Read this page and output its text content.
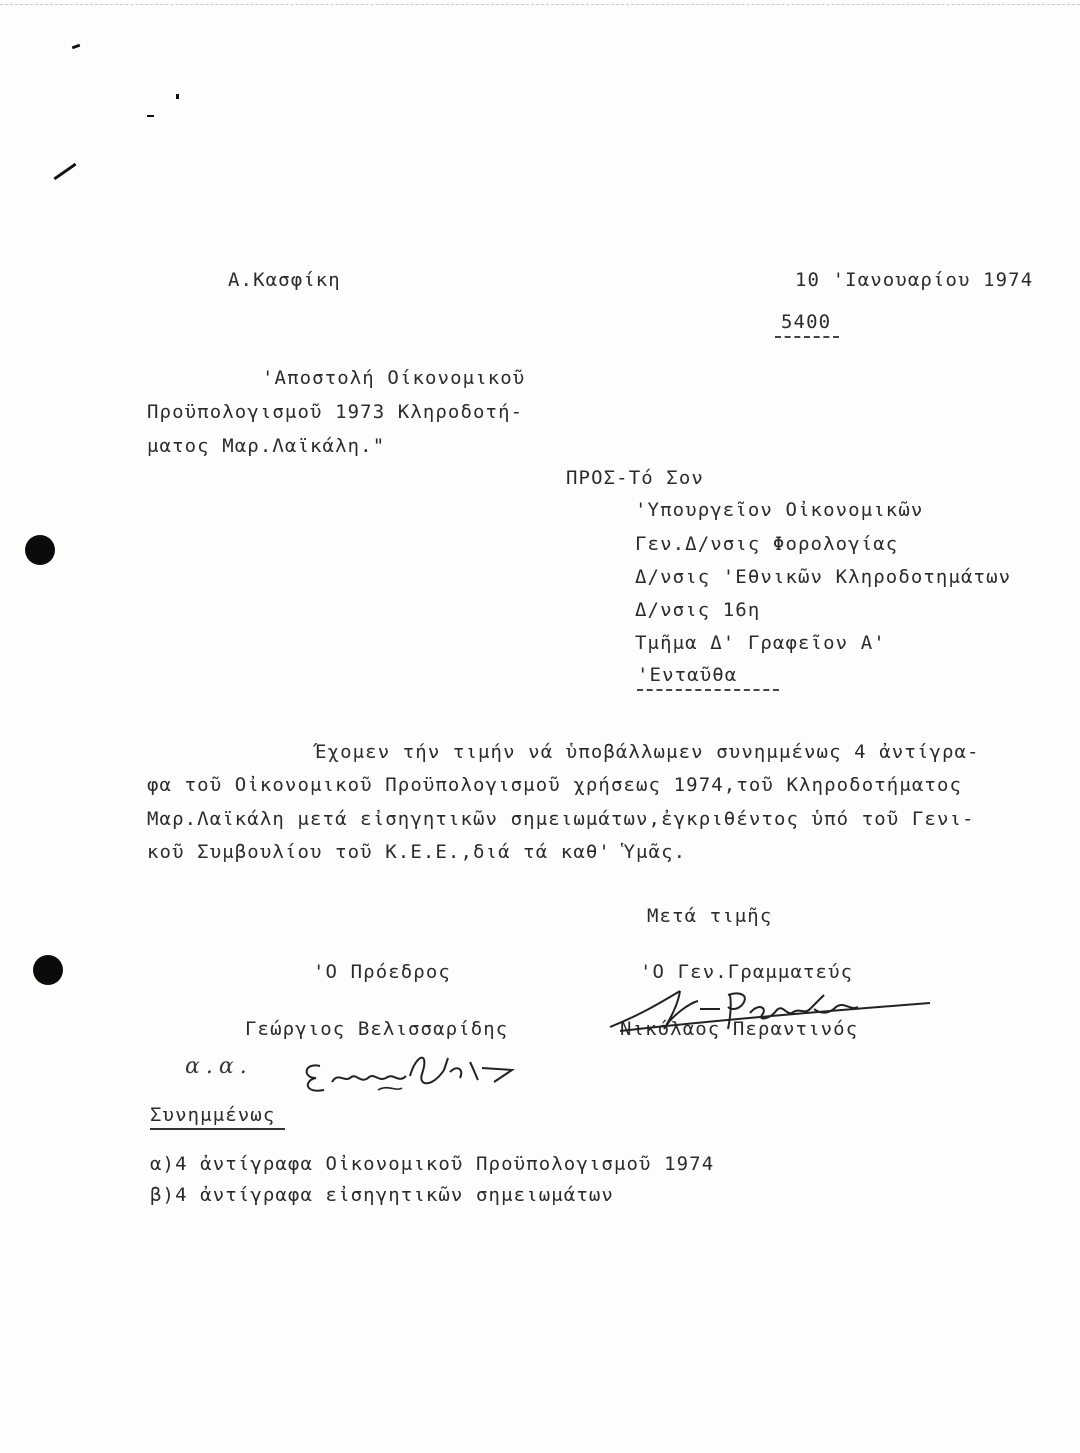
Α.Κασφίκη	10 'Ιανουαρίου 1974
5400
'Αποστολή Οίκονομικοῦ
Προϋπολογισμοῦ 1973 Κληροδοτή-
ματος Μαρ.Λαϊκάλη."
ΠΡΟΣ-Τό Σον
'Υπουργεῖον Οἰκονομικῶν
Γεν.Δ/νσις Φορολογίας
Δ/νσις 'Εθνικῶν Κληροδοτημάτων
Δ/νσις 16η
Τμῆμα Δ' Γραφεῖον Α'
'Ενταῦθα
Έχομεν τήν τιμήν νά ὑποβάλλωμεν συνημμένως 4 ἀντίγρα-
φα τοῦ Οἰκονομικοῦ Προϋπολογισμοῦ χρήσεως 1974,τοῦ Κληροδοτήματος
Μαρ.Λαϊκάλη μετά εἰσηγητικῶν σημειωμάτων,ἐγκριθέντος ὑπό τοῦ Γενι-
κοῦ Συμβουλίου τοῦ Κ.Ε.Ε.,διά τά καθ' Ὑμᾶς.
Μετά τιμῆς
'Ο Πρόεδρος	'Ο Γεν.Γραμματεύς
Γεώργιος Βελισσαρίδης	Νικόλαος Περαντινός
α.α.
Συνημμένως
α)4 ἀντίγραφα Οἰκονομικοῦ Προϋπολογισμοῦ 1974
β)4 ἀντίγραφα εἰσηγητικῶν σημειωμάτων
